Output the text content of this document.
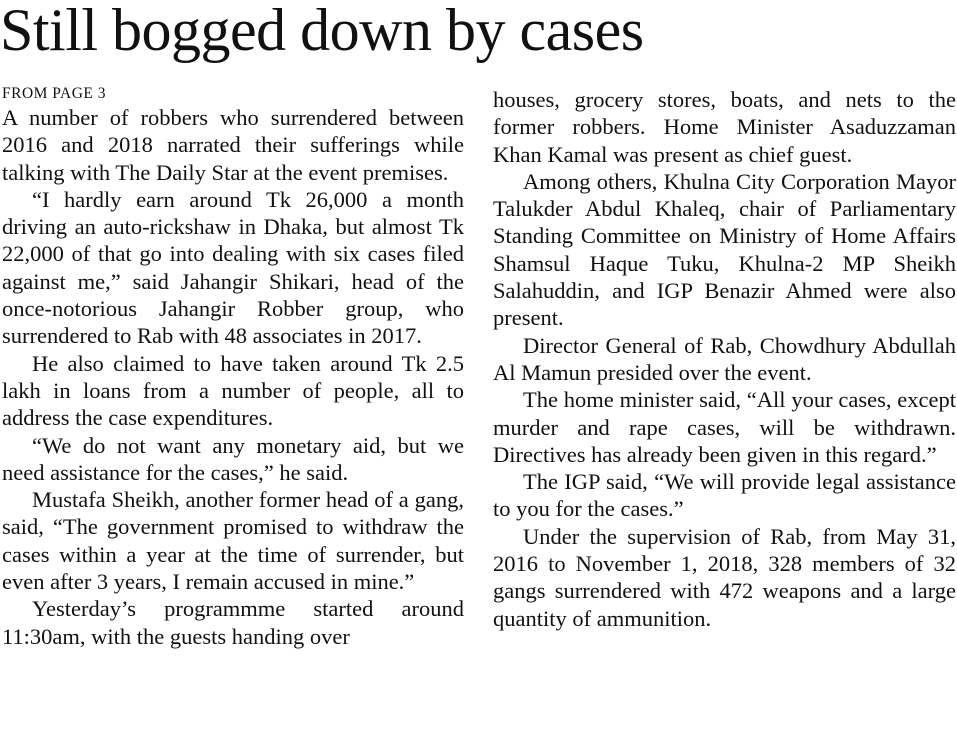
Still bogged down by cases
FROM PAGE 3

A number of robbers who surrendered between 2016 and 2018 narrated their sufferings while talking with The Daily Star at the event premises.

“I hardly earn around Tk 26,000 a month driving an auto-rickshaw in Dhaka, but almost Tk 22,000 of that go into dealing with six cases filed against me,” said Jahangir Shikari, head of the once-notorious Jahangir Robber group, who surrendered to Rab with 48 associates in 2017.

He also claimed to have taken around Tk 2.5 lakh in loans from a number of people, all to address the case expenditures.

“We do not want any monetary aid, but we need assistance for the cases,” he said.

Mustafa Sheikh, another former head of a gang, said, “The government promised to withdraw the cases within a year at the time of surrender, but even after 3 years, I remain accused in mine.”

Yesterday’s programmme started around 11:30am, with the guests handing over

houses, grocery stores, boats, and nets to the former robbers. Home Minister Asaduzzaman Khan Kamal was present as chief guest.

Among others, Khulna City Corporation Mayor Talukder Abdul Khaleq, chair of Parliamentary Standing Committee on Ministry of Home Affairs Shamsul Haque Tuku, Khulna-2 MP Sheikh Salahuddin, and IGP Benazir Ahmed were also present.

Director General of Rab, Chowdhury Abdullah Al Mamun presided over the event.

The home minister said, “All your cases, except murder and rape cases, will be withdrawn. Directives has already been given in this regard.”

The IGP said, “We will provide legal assistance to you for the cases.”

Under the supervision of Rab, from May 31, 2016 to November 1, 2018, 328 members of 32 gangs surrendered with 472 weapons and a large quantity of ammunition.
